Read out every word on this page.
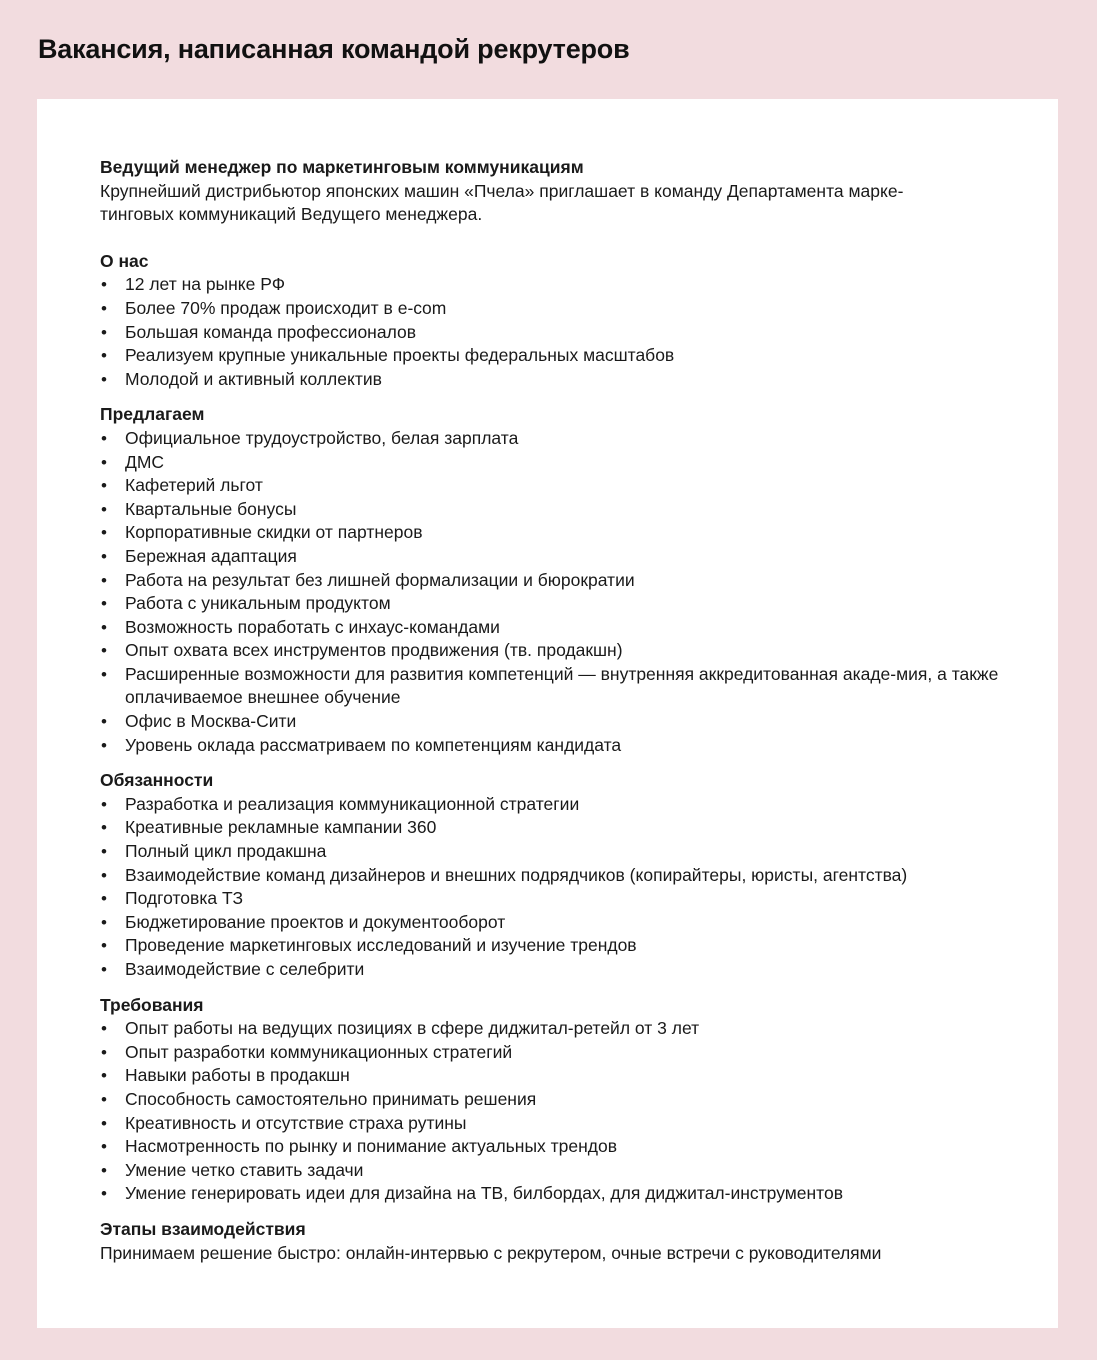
Вакансия, написанная командой рекрутеров

Ведущий менеджер по маркетинговым коммуникациям

Крупнейший дистрибьютор японских машин «Пчела» приглашает в команду Департамента марке-
тинговых коммуникаций Ведущего менеджера.

О нас

• 12 лет на рынке РФ
• Более 70% продаж происходит в e-com
• Большая команда профессионалов
• Реализуем крупные уникальные проекты федеральных масштабов
• Молодой и активный коллектив

Предлагаем

• Официальное трудоустройство, белая зарплата
• ДМС
• Кафетерий льгот
• Квартальные бонусы
• Корпоративные скидки от партнеров
• Бережная адаптация
• Работа на результат без лишней формализации и бюрократии
• Работа с уникальным продуктом
• Возможность поработать с инхаус-командами
• Опыт охвата всех инструментов продвижения (тв. продакшн)
• Расширенные возможности для развития компетенций — внутренняя аккредитованная акаде-мия, а также оплачиваемое внешнее обучение
• Офис в Москва-Сити
• Уровень оклада рассматриваем по компетенциям кандидата

Обязанности

• Разработка и реализация коммуникационной стратегии
• Креативные рекламные кампании 360
• Полный цикл продакшна
• Взаимодействие команд дизайнеров и внешних подрядчиков (копирайтеры, юристы, агентства)
• Подготовка ТЗ
• Бюджетирование проектов и документооборот
• Проведение маркетинговых исследований и изучение трендов
• Взаимодействие с селебрити

Требования

• Опыт работы на ведущих позициях в сфере диджитал-ретейл от 3 лет
• Опыт разработки коммуникационных стратегий
• Навыки работы в продакшн
• Способность самостоятельно принимать решения
• Креативность и отсутствие страха рутины
• Насмотренность по рынку и понимание актуальных трендов
• Умение четко ставить задачи
• Умение генерировать идеи для дизайна на ТВ, билбордах, для диджитал-инструментов

Этапы взаимодействия

Принимаем решение быстро: онлайн-интервью с рекрутером, очные встречи с руководителями
